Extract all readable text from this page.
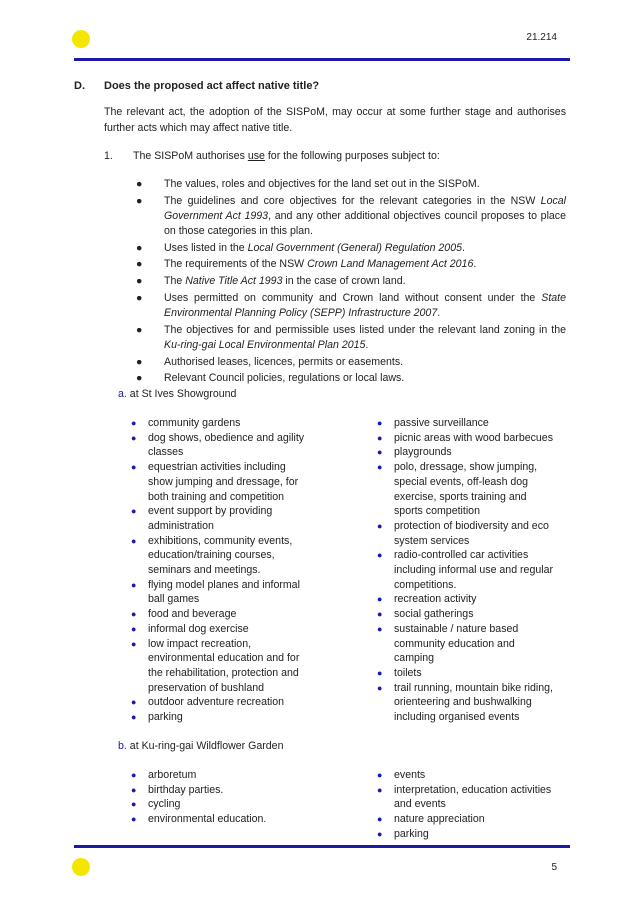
21.214
D. Does the proposed act affect native title?
The relevant act, the adoption of the SISPoM, may occur at some further stage and authorises further acts which may affect native title.
1. The SISPoM authorises use for the following purposes subject to:
● The values, roles and objectives for the land set out in the SISPoM.
● The guidelines and core objectives for the relevant categories in the NSW Local Government Act 1993, and any other additional objectives council proposes to place on those categories in this plan.
● Uses listed in the Local Government (General) Regulation 2005.
● The requirements of the NSW Crown Land Management Act 2016.
● The Native Title Act 1993 in the case of crown land.
● Uses permitted on community and Crown land without consent under the State Environmental Planning Policy (SEPP) Infrastructure 2007.
● The objectives for and permissible uses listed under the relevant land zoning in the Ku-ring-gai Local Environmental Plan 2015.
● Authorised leases, licences, permits or easements.
● Relevant Council policies, regulations or local laws.
a. at St Ives Showground
● community gardens
● dog shows, obedience and agility classes
● equestrian activities including show jumping and dressage, for both training and competition
● event support by providing administration
● exhibitions, community events, education/training courses, seminars and meetings.
● flying model planes and informal ball games
● food and beverage
● informal dog exercise
● low impact recreation, environmental education and for the rehabilitation, protection and preservation of bushland
● outdoor adventure recreation
● parking
● passive surveillance
● picnic areas with wood barbecues
● playgrounds
● polo, dressage, show jumping, special events, off-leash dog exercise, sports training and sports competition
● protection of biodiversity and eco system services
● radio-controlled car activities including informal use and regular competitions.
● recreation activity
● social gatherings
● sustainable / nature based community education and camping
● toilets
● trail running, mountain bike riding, orienteering and bushwalking including organised events
b. at Ku-ring-gai Wildflower Garden
● arboretum
● birthday parties.
● cycling
● environmental education.
● events
● interpretation, education activities and events
● nature appreciation
● parking
5
